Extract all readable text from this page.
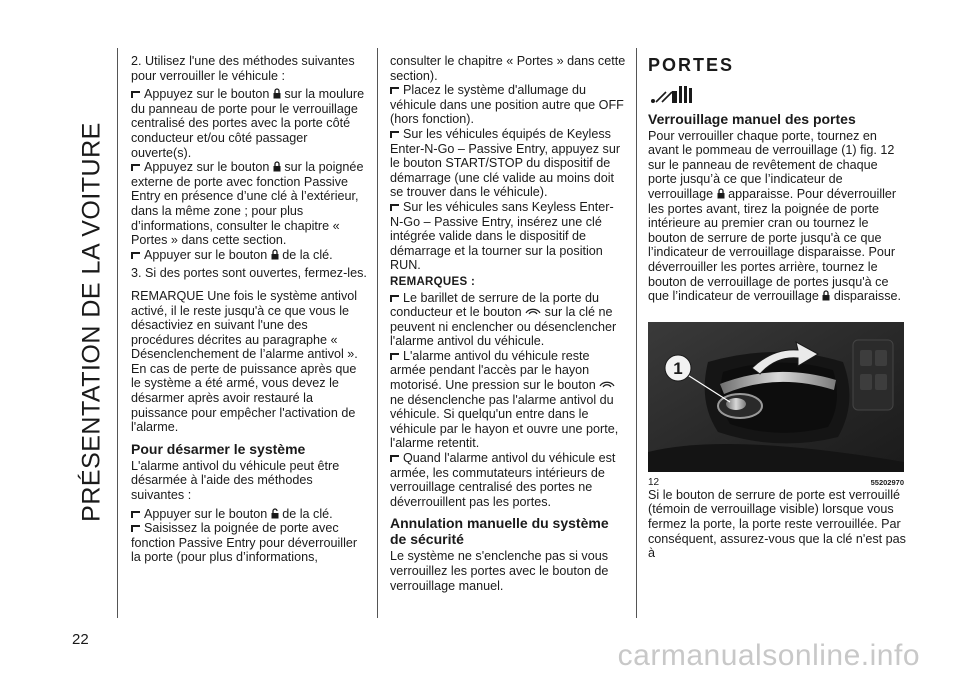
PRÉSENTATION DE LA VOITURE
22

2. Utilisez l'une des méthodes suivantes pour verrouiller le véhicule :

Appuyez sur le bouton sur la moulure du panneau de porte pour le verrouillage centralisé des portes avec la porte côté conducteur et/ou côté passager ouverte(s).

Appuyez sur le bouton sur la poignée externe de porte avec fonction Passive Entry en présence d’une clé à l’extérieur, dans la même zone ; pour plus d’informations, consulter le chapitre « Portes » dans cette section.

Appuyer sur le bouton de la clé.

3. Si des portes sont ouvertes, fermez-les.

REMARQUE Une fois le système antivol activé, il le reste jusqu'à ce que vous le désactiviez en suivant l'une des procédures décrites au paragraphe « Désenclenchement de l’alarme antivol ». En cas de perte de puissance après que le système a été armé, vous devez le désarmer après avoir restauré la puissance pour empêcher l'activation de l'alarme.

Pour désarmer le système

L'alarme antivol du véhicule peut être désarmée à l'aide des méthodes suivantes :

Appuyer sur le bouton de la clé.

Saisissez la poignée de porte avec fonction Passive Entry pour déverrouiller la porte (pour plus d’informations,

consulter le chapitre « Portes » dans cette section).

Placez le système d'allumage du véhicule dans une position autre que OFF (hors fonction).

Sur les véhicules équipés de Keyless Enter-N-Go – Passive Entry, appuyez sur le bouton START/STOP du dispositif de démarrage (une clé valide au moins doit se trouver dans le véhicule).

Sur les véhicules sans Keyless Enter-N-Go – Passive Entry, insérez une clé intégrée valide dans le dispositif de démarrage et la tourner sur la position RUN.

REMARQUES :

Le barillet de serrure de la porte du conducteur et le bouton sur la clé ne peuvent ni enclencher ou désenclencher l'alarme antivol du véhicule.

L'alarme antivol du véhicule reste armée pendant l'accès par le hayon motorisé. Une pression sur le bouton  ne désenclenche pas l'alarme antivol du véhicule. Si quelqu'un entre dans le véhicule par le hayon et ouvre une porte, l'alarme retentit.

Quand l'alarme antivol du véhicule est armée, les commutateurs intérieurs de verrouillage centralisé des portes ne déverrouillent pas les portes.

Annulation manuelle du système de sécurité

Le système ne s'enclenche pas si vous verrouillez les portes avec le bouton de verrouillage manuel.

PORTES

Verrouillage manuel des portes

Pour verrouiller chaque porte, tournez en avant le pommeau de verrouillage (1) fig. 12 sur le panneau de revêtement de chaque porte jusqu’à ce que l’indicateur de verrouillage apparaisse. Pour déverrouiller les portes avant, tirez la poignée de porte intérieure au premier cran ou tournez le bouton de serrure de porte jusqu'à ce que l’indicateur de verrouillage disparaisse. Pour déverrouiller les portes arrière, tournez le bouton de verrouillage de portes jusqu'à ce que l’indicateur de verrouillage disparaisse.

1
12	55202970

Si le bouton de serrure de porte est verrouillé (témoin de verrouillage visible) lorsque vous fermez la porte, la porte reste verrouillée. Par conséquent, assurez-vous que la clé n'est pas à

carmanualsonline.info
